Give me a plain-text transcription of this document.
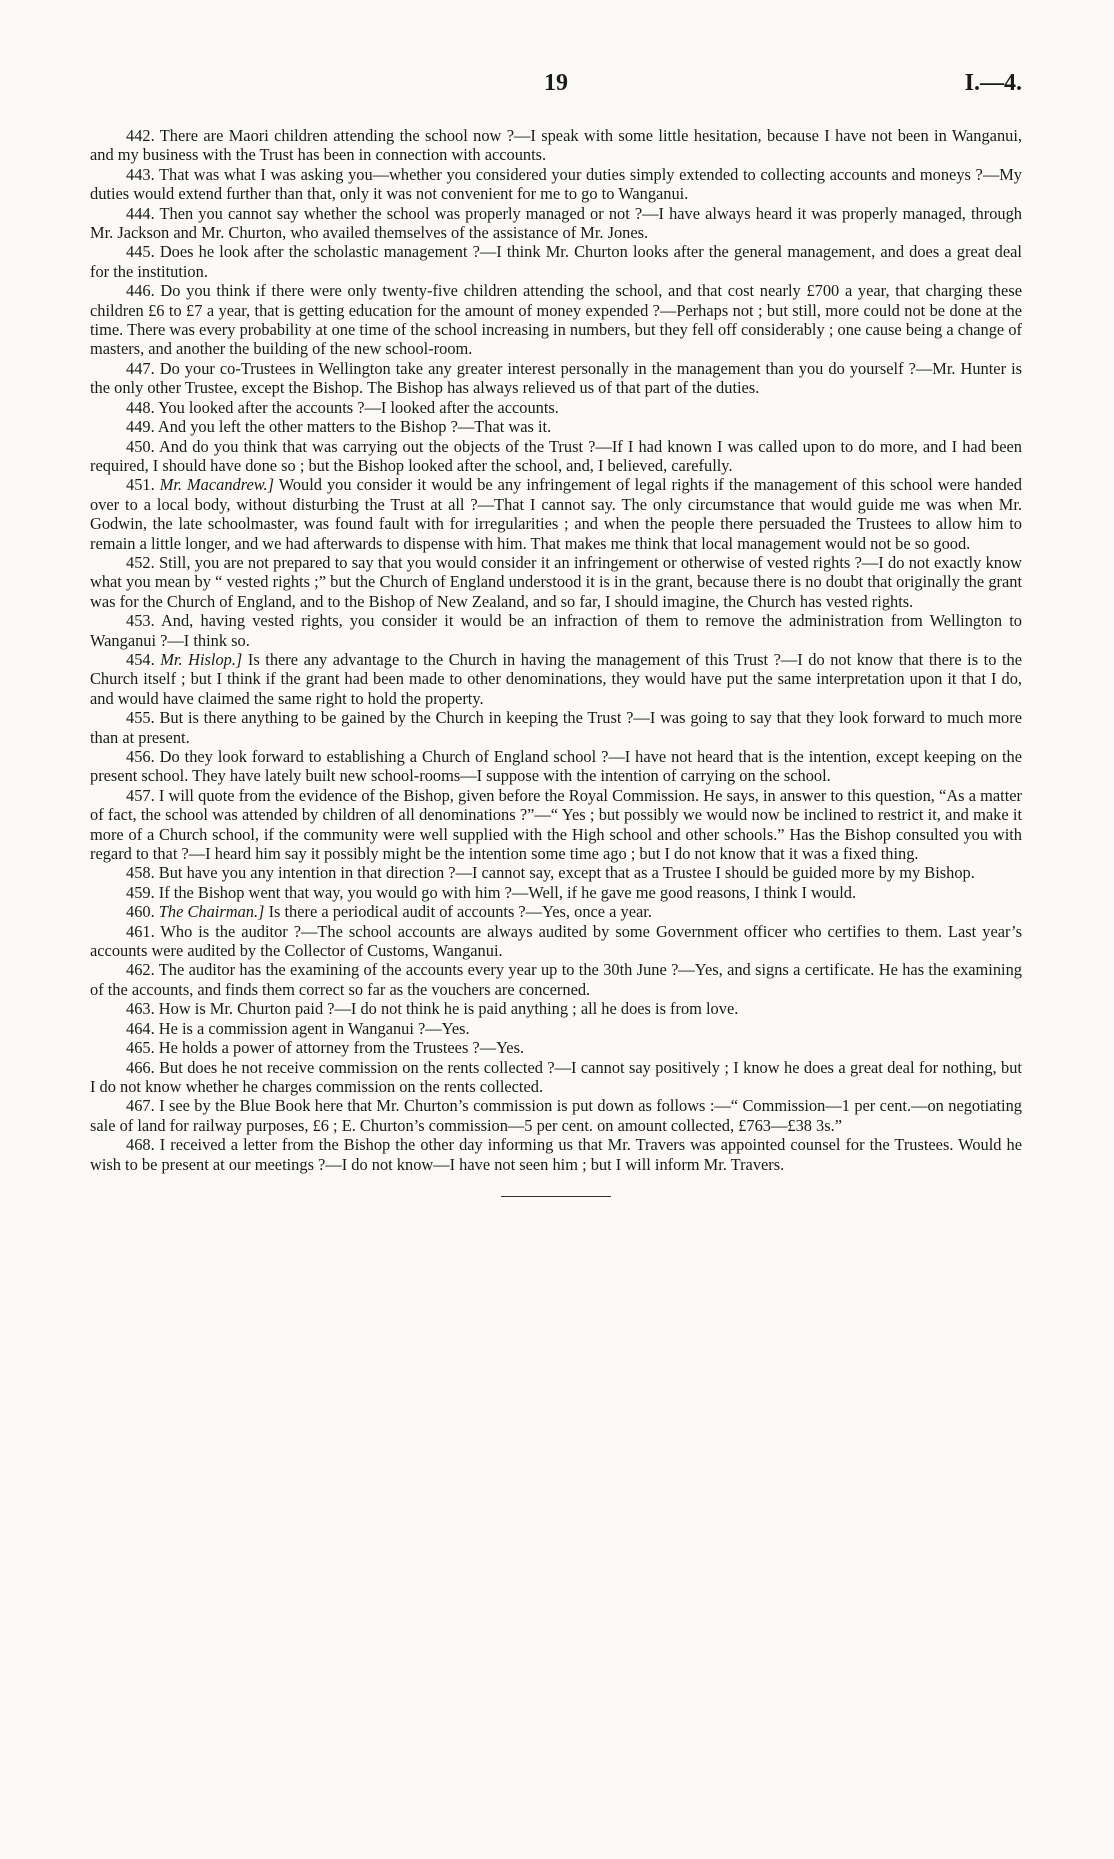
19	I.—4.

442. There are Maori children attending the school now ?—I speak with some little hesitation, because I have not been in Wanganui, and my business with the Trust has been in connection with accounts.

443. That was what I was asking you—whether you considered your duties simply extended to collecting accounts and moneys ?—My duties would extend further than that, only it was not convenient for me to go to Wanganui.

444. Then you cannot say whether the school was properly managed or not ?—I have always heard it was properly managed, through Mr. Jackson and Mr. Churton, who availed themselves of the assistance of Mr. Jones.

445. Does he look after the scholastic management ?—I think Mr. Churton looks after the general management, and does a great deal for the institution.

446. Do you think if there were only twenty-five children attending the school, and that cost nearly £700 a year, that charging these children £6 to £7 a year, that is getting education for the amount of money expended ?—Perhaps not ; but still, more could not be done at the time. There was every probability at one time of the school increasing in numbers, but they fell off considerably ; one cause being a change of masters, and another the building of the new school-room.

447. Do your co-Trustees in Wellington take any greater interest personally in the management than you do yourself ?—Mr. Hunter is the only other Trustee, except the Bishop. The Bishop has always relieved us of that part of the duties.

448. You looked after the accounts ?—I looked after the accounts.

449. And you left the other matters to the Bishop ?—That was it.

450. And do you think that was carrying out the objects of the Trust ?—If I had known I was called upon to do more, and I had been required, I should have done so ; but the Bishop looked after the school, and, I believed, carefully.

451. Mr. Macandrew.] Would you consider it would be any infringement of legal rights if the management of this school were handed over to a local body, without disturbing the Trust at all ?—That I cannot say. The only circumstance that would guide me was when Mr. Godwin, the late schoolmaster, was found fault with for irregularities ; and when the people there persuaded the Trustees to allow him to remain a little longer, and we had afterwards to dispense with him. That makes me think that local management would not be so good.

452. Still, you are not prepared to say that you would consider it an infringement or otherwise of vested rights ?—I do not exactly know what you mean by “ vested rights ;” but the Church of England understood it is in the grant, because there is no doubt that originally the grant was for the Church of England, and to the Bishop of New Zealand, and so far, I should imagine, the Church has vested rights.

453. And, having vested rights, you consider it would be an infraction of them to remove the administration from Wellington to Wanganui ?—I think so.

454. Mr. Hislop.] Is there any advantage to the Church in having the management of this Trust ?—I do not know that there is to the Church itself ; but I think if the grant had been made to other denominations, they would have put the same interpretation upon it that I do, and would have claimed the same right to hold the property.

455. But is there anything to be gained by the Church in keeping the Trust ?—I was going to say that they look forward to much more than at present.

456. Do they look forward to establishing a Church of England school ?—I have not heard that is the intention, except keeping on the present school. They have lately built new school-rooms—I suppose with the intention of carrying on the school.

457. I will quote from the evidence of the Bishop, given before the Royal Commission. He says, in answer to this question, “As a matter of fact, the school was attended by children of all denominations ?”—“ Yes ; but possibly we would now be inclined to restrict it, and make it more of a Church school, if the community were well supplied with the High school and other schools.” Has the Bishop consulted you with regard to that ?—I heard him say it possibly might be the intention some time ago ; but I do not know that it was a fixed thing.

458. But have you any intention in that direction ?—I cannot say, except that as a Trustee I should be guided more by my Bishop.

459. If the Bishop went that way, you would go with him ?—Well, if he gave me good reasons, I think I would.

460. The Chairman.] Is there a periodical audit of accounts ?—Yes, once a year.

461. Who is the auditor ?—The school accounts are always audited by some Government officer who certifies to them. Last year’s accounts were audited by the Collector of Customs, Wanganui.

462. The auditor has the examining of the accounts every year up to the 30th June ?—Yes, and signs a certificate. He has the examining of the accounts, and finds them correct so far as the vouchers are concerned.

463. How is Mr. Churton paid ?—I do not think he is paid anything ; all he does is from love.

464. He is a commission agent in Wanganui ?—Yes.

465. He holds a power of attorney from the Trustees ?—Yes.

466. But does he not receive commission on the rents collected ?—I cannot say positively ; I know he does a great deal for nothing, but I do not know whether he charges commission on the rents collected.

467. I see by the Blue Book here that Mr. Churton’s commission is put down as follows :—“ Commission—1 per cent.—on negotiating sale of land for railway purposes, £6 ; E. Churton’s commission—5 per cent. on amount collected, £763—£38 3s.”

468. I received a letter from the Bishop the other day informing us that Mr. Travers was appointed counsel for the Trustees. Would he wish to be present at our meetings ?—I do not know—I have not seen him ; but I will inform Mr. Travers.
